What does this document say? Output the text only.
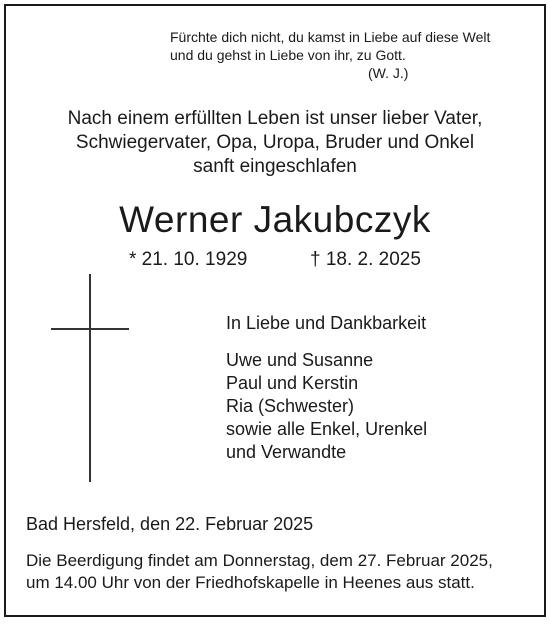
Fürchte dich nicht, du kamst in Liebe auf diese Welt
und du gehst in Liebe von ihr, zu Gott.
(W. J.)
Nach einem erfüllten Leben ist unser lieber Vater,
Schwiegervater, Opa, Uropa, Bruder und Onkel
sanft eingeschlafen
Werner Jakubczyk
* 21. 10. 1929	† 18. 2. 2025
In Liebe und Dankbarkeit
Uwe und Susanne
Paul und Kerstin
Ria (Schwester)
sowie alle Enkel, Urenkel
und Verwandte
Bad Hersfeld, den 22. Februar 2025
Die Beerdigung findet am Donnerstag, dem 27. Februar 2025,
um 14.00 Uhr von der Friedhofskapelle in Heenes aus statt.
